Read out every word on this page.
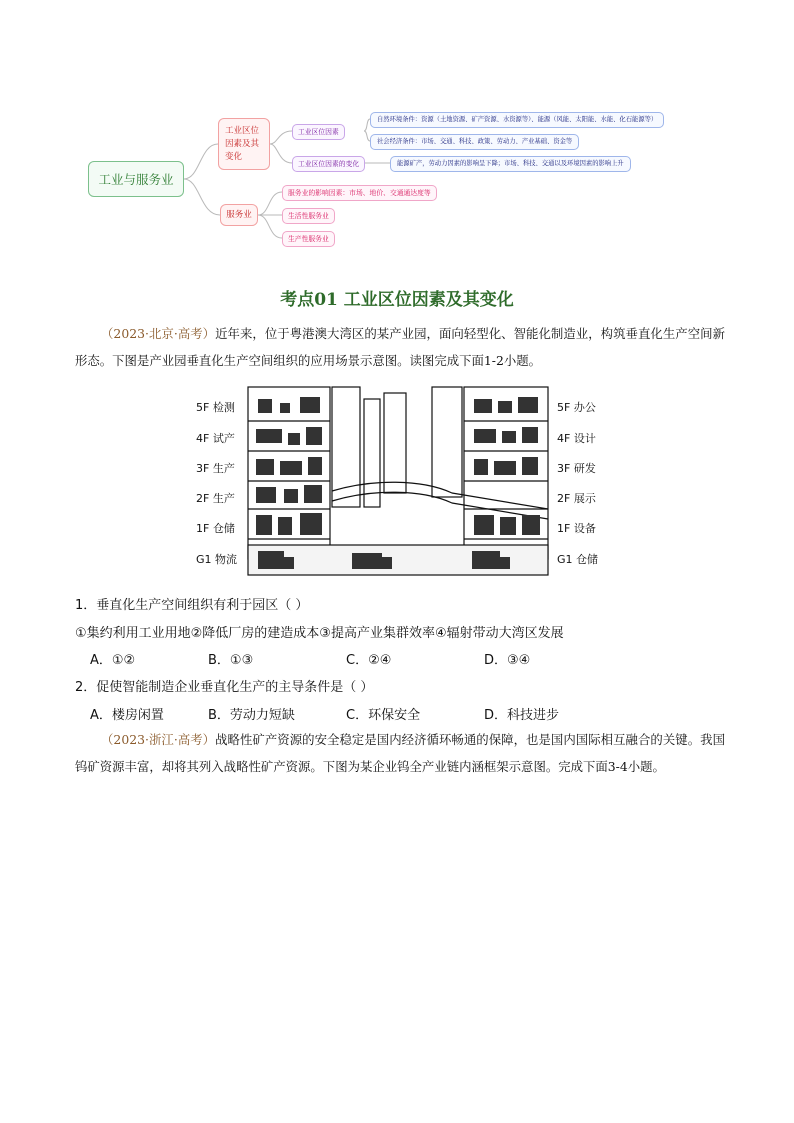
工业与服务业
工业区位因素及其变化
服务业
工业区位因素
工业区位因素的变化
自然环境条件：资源（土地资源、矿产资源、水资源等）、能源（风能、太阳能、水能、化石能源等）
社会经济条件：市场、交通、科技、政策、劳动力、产业基础、资金等
能源矿产，劳动力因素的影响呈下降；市场、科技、交通以及环境因素的影响上升
服务业的影响因素：市场、地价、交通通达度等
生活性服务业
生产性服务业
考点01 工业区位因素及其变化
（2023·北京·高考）近年来，位于粤港澳大湾区的某产业园，面向轻型化、智能化制造业，构筑垂直化生产空间新形态。下图是产业园垂直化生产空间组织的应用场景示意图。读图完成下面1-2小题。
5F 检测
4F 试产
3F 生产
2F 生产
1F 仓储
G1 物流
5F 办公
4F 设计
3F 研发
2F 展示
1F 设备
G1 仓储
1．垂直化生产空间组织有利于园区（ ）
①集约利用工业用地②降低厂房的建造成本③提高产业集群效率④辐射带动大湾区发展
A．①②	B．①③	C．②④	D．③④
2．促使智能制造企业垂直化生产的主导条件是（ ）
A．楼房闲置	B．劳动力短缺	C．环保安全	D．科技进步
（2023·浙江·高考）战略性矿产资源的安全稳定是国内经济循环畅通的保障，也是国内国际相互融合的关键。我国钨矿资源丰富，却将其列入战略性矿产资源。下图为某企业钨全产业链内涵框架示意图。完成下面3-4小题。
